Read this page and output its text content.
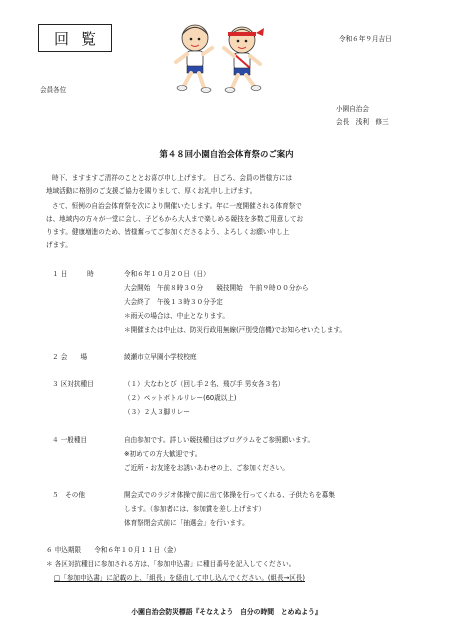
回覧	令和６年９月吉日
会員各位
小園自治会
会長　浅利　修三
第４８回小園自治会体育祭のご案内
時下、ますますご清祥のこととお喜び申し上げます。　日ごろ、会員の皆様方には
地域活動に格別のご支援ご協力を賜りまして、厚くお礼申し上げます。
さて、恒例の自治会体育祭を次により開催いたします。年に一度開催される体育祭で
は、地域内の方々が一堂に会し、子どもから大人まで楽しめる競技を多数ご用意してお
ります。健康増進のため、皆様奮ってご参加くださるよう、よろしくお願い申し上
げます。
１ 日　　　時	令和６年１０月２０日（日）
大会開始　午前８時３０分　　競技開始　午前９時００分から
大会終了　午後１３時３０分予定
＊雨天の場合は、中止となります。
＊開催または中止は、防災行政用無線(戸別受信機)でお知らせいたします。
２ 会　　場	綾瀬市立早園小学校校庭
３ 区対抗種目	（１）大なわとび（回し手２名、飛び手 男女各３名）
（２）ペットボトルリレー(60歳以上)
（３）２人３脚リレー
４ 一般種目	自由参加です。詳しい競技種目はプログラムをご参照願います。
※初めての方大歓迎です。
ご近所・お友達をお誘いあわせの上、ご参加ください。
５　その他	開会式でのラジオ体操で前に出て体操を行ってくれる、子供たちを募集
します。（参加者には、参加賞を差し上げます）
体育祭閉会式前に「抽選会」を行います。
６ 申込期限　　令和６年１０月１１日（金）
＊ 各区対抗種目に参加される方は、「参加申込書」に種目番号を記入してください。
□「参加申込書」に記載の上、「組長」を経由して申し込んでください。(組長→区長)
小園自治会防災標語『そなえよう　自分の時間　とめぬよう』
